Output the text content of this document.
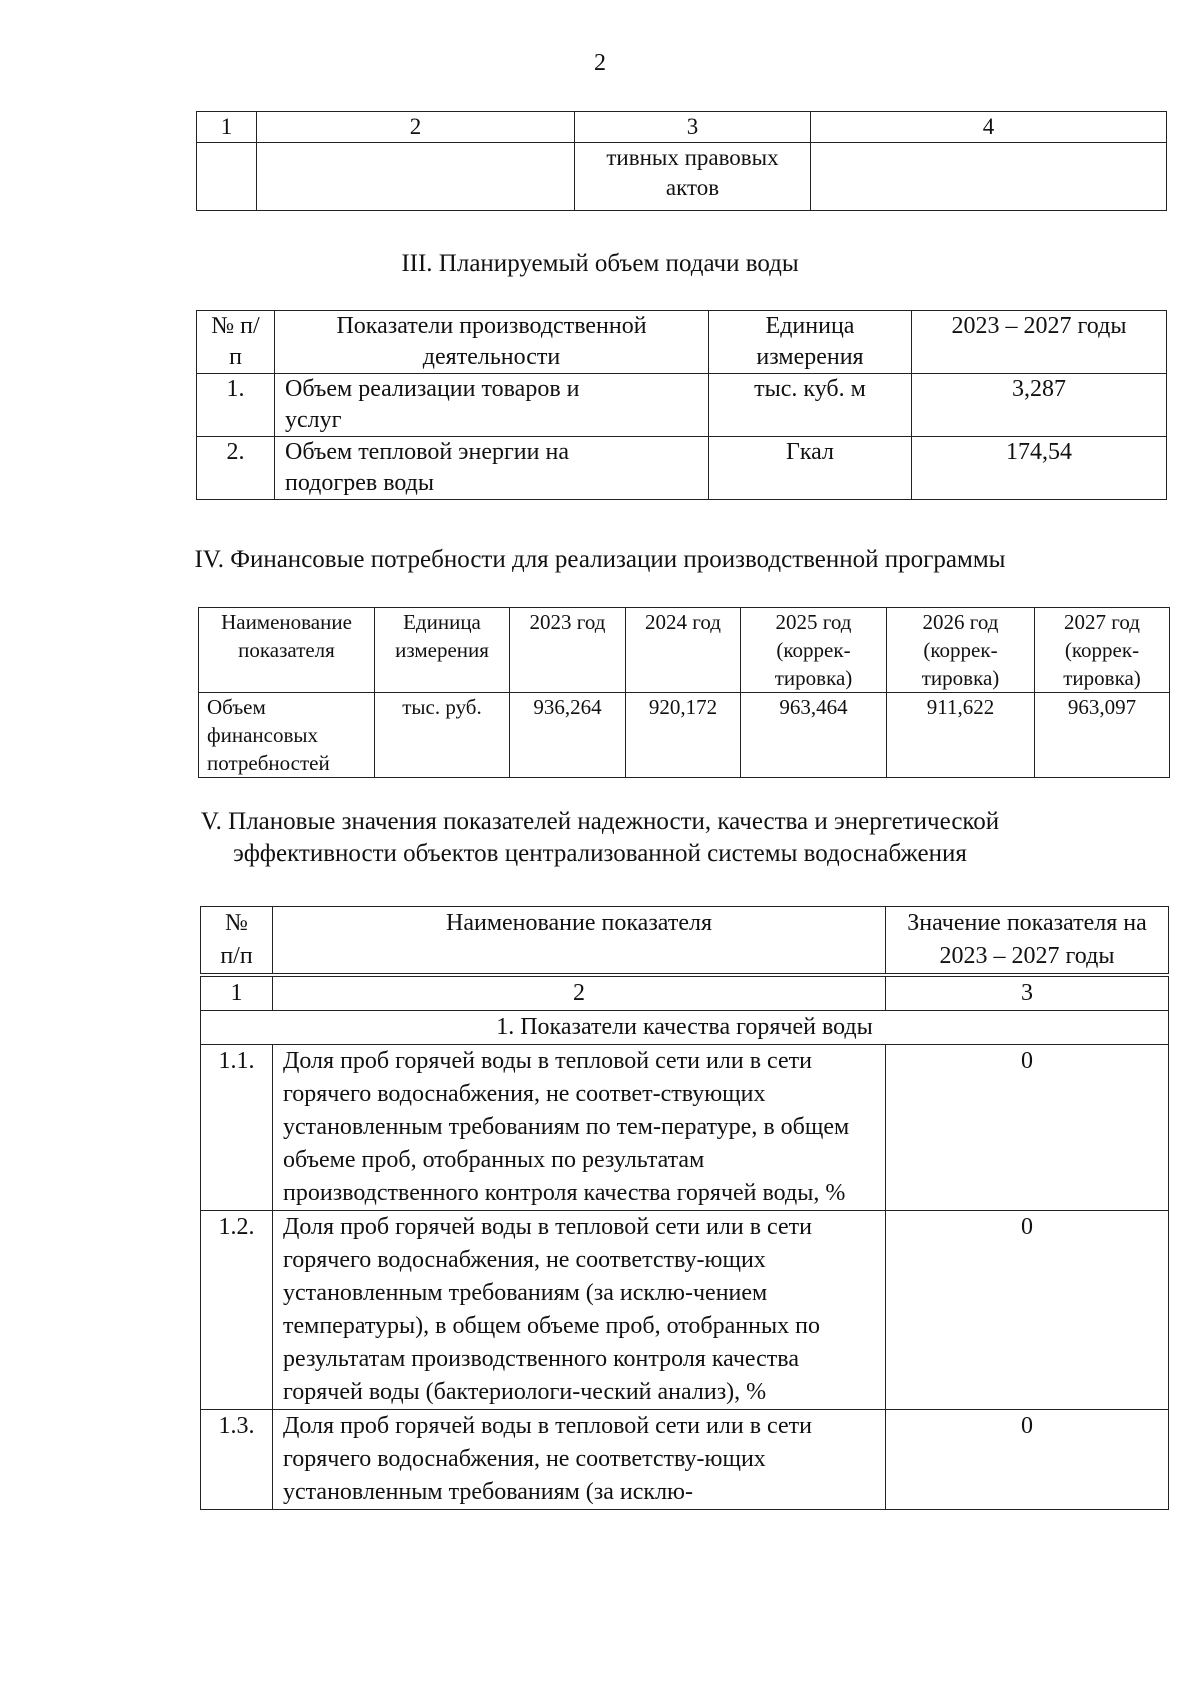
2
1	2	3	4
		тивных правовых актов	
III. Планируемый объем подачи воды
№ п/п	Показатели производственной деятельности	Единица измерения	2023 – 2027 годы
1.	Объем реализации товаров и услуг	тыс. куб. м	3,287
2.	Объем тепловой энергии на подогрев воды	Гкал	174,54
IV. Финансовые потребности для реализации производственной программы
Наименование показателя	Единица измерения	2023 год	2024 год	2025 год (коррек-тировка)	2026 год (коррек-тировка)	2027 год (коррек-тировка)
Объем финансовых потребностей	тыс. руб.	936,264	920,172	963,464	911,622	963,097
V. Плановые значения показателей надежности, качества и энергетической
эффективности объектов централизованной системы водоснабжения
№ п/п	Наименование показателя	Значение показателя на 2023 – 2027 годы
1	2	3
1. Показатели качества горячей воды		
1.1.	Доля проб горячей воды в тепловой сети или в сети горячего водоснабжения, не соответ-ствующих установленным требованиям по тем-пературе, в общем объеме проб, отобранных по результатам производственного контроля качества горячей воды, %	0
1.2.	Доля проб горячей воды в тепловой сети или в сети горячего водоснабжения, не соответству-ющих установленным требованиям (за исклю-чением температуры), в общем объеме проб, отобранных по результатам производственного контроля качества горячей воды (бактериологи-ческий анализ), %	0
1.3.	Доля проб горячей воды в тепловой сети или в сети горячего водоснабжения, не соответству-ющих установленным требованиям (за исклю-	0
